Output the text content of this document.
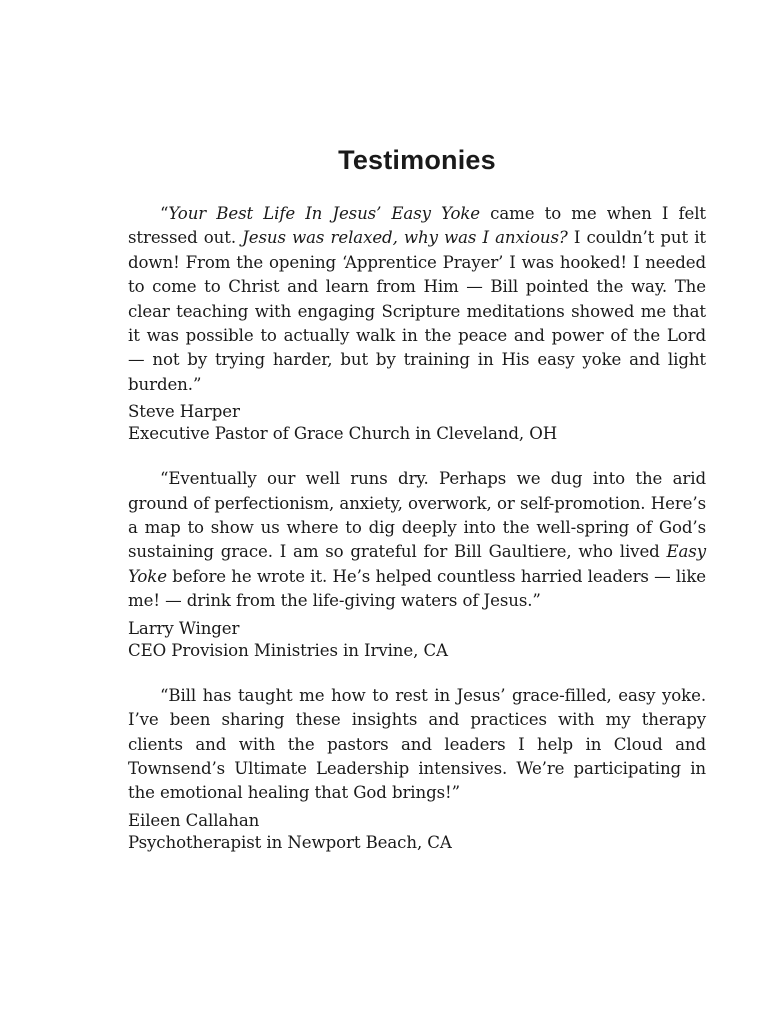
Testimonies

“Your Best Life In Jesus’ Easy Yoke came to me when I felt stressed out. Jesus was relaxed, why was I anxious? I couldn’t put it down! From the opening ‘Apprentice Prayer’ I was hooked! I needed to come to Christ and learn from Him — Bill pointed the way. The clear teaching with engaging Scripture meditations showed me that it was possible to actually walk in the peace and power of the Lord — not by trying harder, but by training in His easy yoke and light burden.”

Steve Harper

Executive Pastor of Grace Church in Cleveland, OH

“Eventually our well runs dry. Perhaps we dug into the arid ground of perfectionism, anxiety, overwork, or self-promotion. Here’s a map to show us where to dig deeply into the well-spring of God’s sustaining grace. I am so grateful for Bill Gaultiere, who lived Easy Yoke before he wrote it. He’s helped countless harried leaders — like me! — drink from the life-giving waters of Jesus.”

Larry Winger

CEO Provision Ministries in Irvine, CA

“Bill has taught me how to rest in Jesus’ grace-filled, easy yoke. I’ve been sharing these insights and practices with my therapy clients and with the pastors and leaders I help in Cloud and Townsend’s Ultimate Leadership intensives. We’re participating in the emotional healing that God brings!”

Eileen Callahan

Psychotherapist in Newport Beach, CA
